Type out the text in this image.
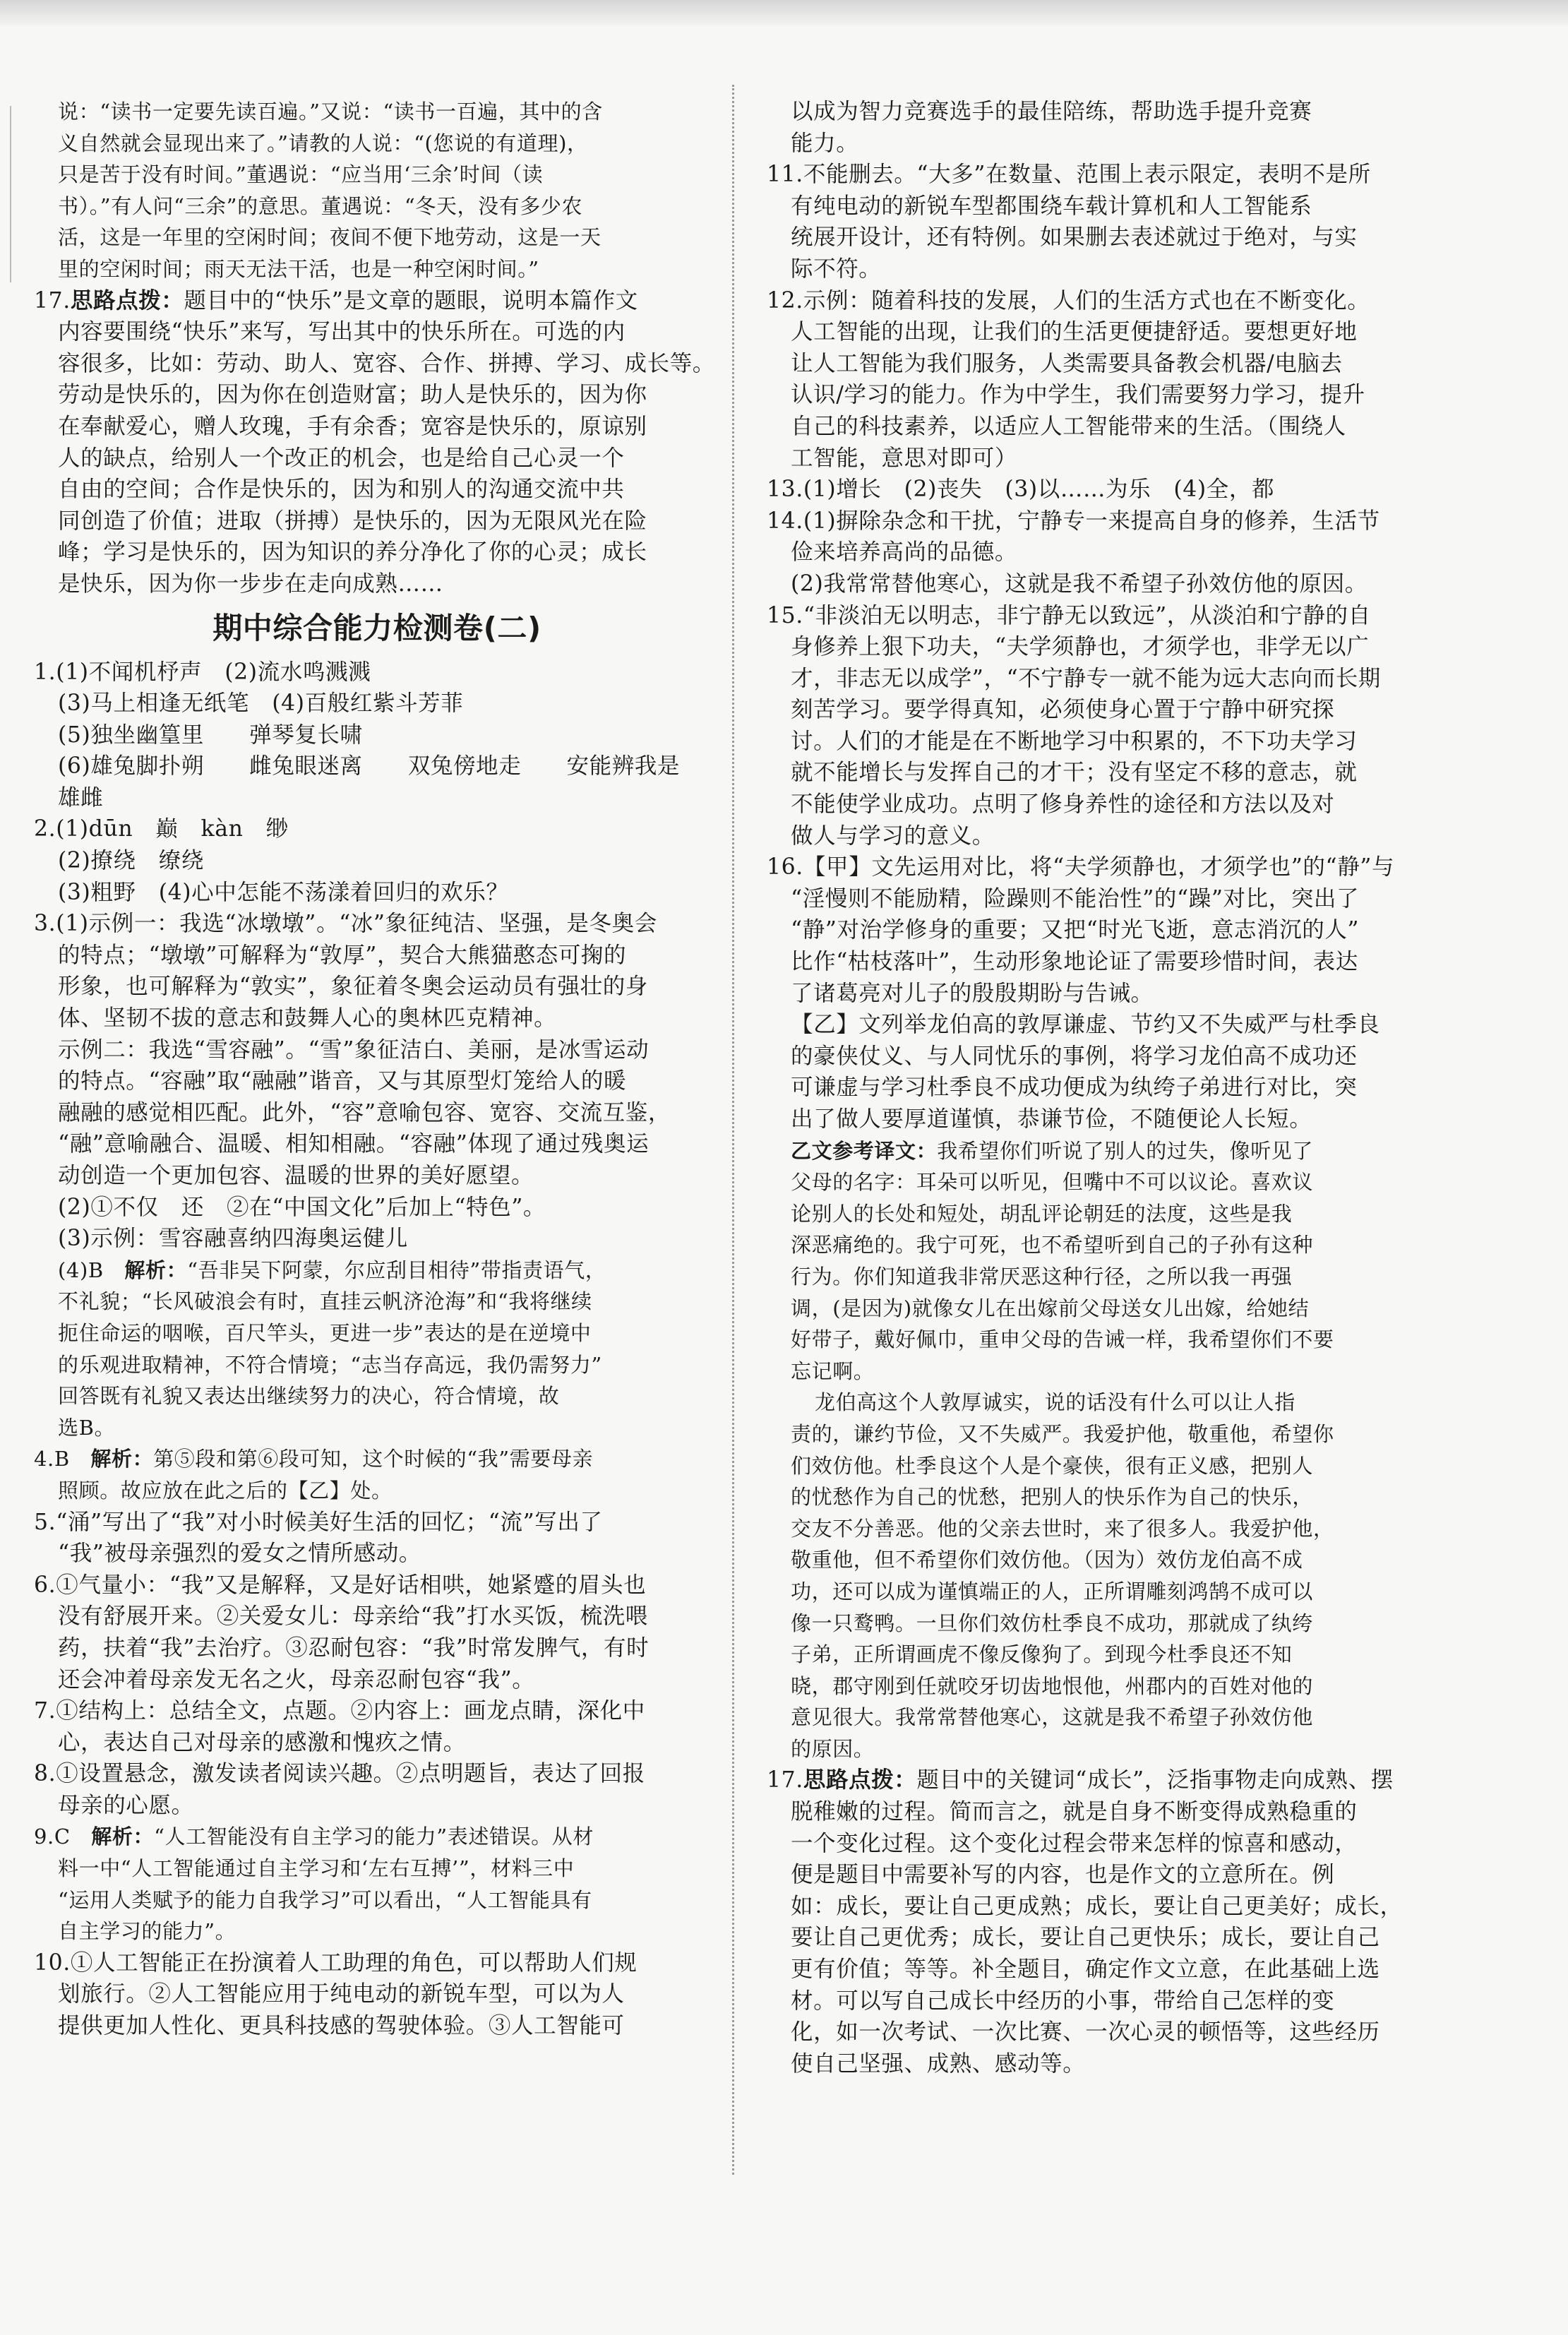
说：“读书一定要先读百遍。”又说：“读书一百遍，其中的含

义自然就会显现出来了。”请教的人说：“(您说的有道理)，

只是苦于没有时间。”董遇说：“应当用‘三余’时间（读

书）。”有人问“三余”的意思。董遇说：“冬天，没有多少农

活，这是一年里的空闲时间；夜间不便下地劳动，这是一天

里的空闲时间；雨天无法干活，也是一种空闲时间。”

17.思路点拨：题目中的“快乐”是文章的题眼，说明本篇作文

内容要围绕“快乐”来写，写出其中的快乐所在。可选的内

容很多，比如：劳动、助人、宽容、合作、拼搏、学习、成长等。

劳动是快乐的，因为你在创造财富；助人是快乐的，因为你

在奉献爱心，赠人玫瑰，手有余香；宽容是快乐的，原谅别

人的缺点，给别人一个改正的机会，也是给自己心灵一个

自由的空间；合作是快乐的，因为和别人的沟通交流中共

同创造了价值；进取（拼搏）是快乐的，因为无限风光在险

峰；学习是快乐的，因为知识的养分净化了你的心灵；成长

是快乐，因为你一步步在走向成熟……

期中综合能力检测卷(二)

1.(1)不闻机杼声　(2)流水鸣溅溅

(3)马上相逢无纸笔　(4)百般红紫斗芳菲

(5)独坐幽篁里　　弹琴复长啸

(6)雄兔脚扑朔　　雌兔眼迷离　　双兔傍地走　　安能辨我是

雄雌

2.(1)dūn　巅　kàn　缈

(2)撩绕　缭绕

(3)粗野　(4)心中怎能不荡漾着回归的欢乐？

3.(1)示例一：我选“冰墩墩”。“冰”象征纯洁、坚强，是冬奥会

的特点；“墩墩”可解释为“敦厚”，契合大熊猫憨态可掬的

形象，也可解释为“敦实”，象征着冬奥会运动员有强壮的身

体、坚韧不拔的意志和鼓舞人心的奥林匹克精神。

示例二：我选“雪容融”。“雪”象征洁白、美丽，是冰雪运动

的特点。“容融”取“融融”谐音，又与其原型灯笼给人的暖

融融的感觉相匹配。此外，“容”意喻包容、宽容、交流互鉴，

“融”意喻融合、温暖、相知相融。“容融”体现了通过残奥运

动创造一个更加包容、温暖的世界的美好愿望。

(2)①不仅　还　②在“中国文化”后加上“特色”。

(3)示例：雪容融喜纳四海奥运健儿

(4)B　解析：“吾非吴下阿蒙，尔应刮目相待”带指责语气，

不礼貌；“长风破浪会有时，直挂云帆济沧海”和“我将继续

扼住命运的咽喉，百尺竿头，更进一步”表达的是在逆境中

的乐观进取精神，不符合情境；“志当存高远，我仍需努力”

回答既有礼貌又表达出继续努力的决心，符合情境，故

选B。

4.B　解析：第⑤段和第⑥段可知，这个时候的“我”需要母亲

照顾。故应放在此之后的【乙】处。

5.“涌”写出了“我”对小时候美好生活的回忆；“流”写出了

“我”被母亲强烈的爱女之情所感动。

6.①气量小：“我”又是解释，又是好话相哄，她紧蹙的眉头也

没有舒展开来。②关爱女儿：母亲给“我”打水买饭，梳洗喂

药，扶着“我”去治疗。③忍耐包容：“我”时常发脾气，有时

还会冲着母亲发无名之火，母亲忍耐包容“我”。

7.①结构上：总结全文，点题。②内容上：画龙点睛，深化中

心，表达自己对母亲的感激和愧疚之情。

8.①设置悬念，激发读者阅读兴趣。②点明题旨，表达了回报

母亲的心愿。

9.C　解析：“人工智能没有自主学习的能力”表述错误。从材

料一中“人工智能通过自主学习和‘左右互搏’”，材料三中

“运用人类赋予的能力自我学习”可以看出，“人工智能具有

自主学习的能力”。

10.①人工智能正在扮演着人工助理的角色，可以帮助人们规

划旅行。②人工智能应用于纯电动的新锐车型，可以为人

提供更加人性化、更具科技感的驾驶体验。③人工智能可

以成为智力竞赛选手的最佳陪练，帮助选手提升竞赛

能力。

11.不能删去。“大多”在数量、范围上表示限定，表明不是所

有纯电动的新锐车型都围绕车载计算机和人工智能系

统展开设计，还有特例。如果删去表述就过于绝对，与实

际不符。

12.示例：随着科技的发展，人们的生活方式也在不断变化。

人工智能的出现，让我们的生活更便捷舒适。要想更好地

让人工智能为我们服务，人类需要具备教会机器/电脑去

认识/学习的能力。作为中学生，我们需要努力学习，提升

自己的科技素养，以适应人工智能带来的生活。（围绕人

工智能，意思对即可）

13.(1)增长　(2)丧失　(3)以……为乐　(4)全，都

14.(1)摒除杂念和干扰，宁静专一来提高自身的修养，生活节

俭来培养高尚的品德。

(2)我常常替他寒心，这就是我不希望子孙效仿他的原因。

15.“非淡泊无以明志，非宁静无以致远”，从淡泊和宁静的自

身修养上狠下功夫，“夫学须静也，才须学也，非学无以广

才，非志无以成学”，“不宁静专一就不能为远大志向而长期

刻苦学习。要学得真知，必须使身心置于宁静中研究探

讨。人们的才能是在不断地学习中积累的，不下功夫学习

就不能增长与发挥自己的才干；没有坚定不移的意志，就

不能使学业成功。点明了修身养性的途径和方法以及对

做人与学习的意义。

16.【甲】文先运用对比，将“夫学须静也，才须学也”的“静”与

“淫慢则不能励精，险躁则不能治性”的“躁”对比，突出了

“静”对治学修身的重要；又把“时光飞逝，意志消沉的人”

比作“枯枝落叶”，生动形象地论证了需要珍惜时间，表达

了诸葛亮对儿子的殷殷期盼与告诫。

【乙】文列举龙伯高的敦厚谦虚、节约又不失威严与杜季良

的豪侠仗义、与人同忧乐的事例，将学习龙伯高不成功还

可谦虚与学习杜季良不成功便成为纨绔子弟进行对比，突

出了做人要厚道谨慎，恭谦节俭，不随便论人长短。

乙文参考译文：我希望你们听说了别人的过失，像听见了

父母的名字：耳朵可以听见，但嘴中不可以议论。喜欢议

论别人的长处和短处，胡乱评论朝廷的法度，这些是我

深恶痛绝的。我宁可死，也不希望听到自己的子孙有这种

行为。你们知道我非常厌恶这种行径，之所以我一再强

调，(是因为)就像女儿在出嫁前父母送女儿出嫁，给她结

好带子，戴好佩巾，重申父母的告诫一样，我希望你们不要

忘记啊。

龙伯高这个人敦厚诚实，说的话没有什么可以让人指

责的，谦约节俭，又不失威严。我爱护他，敬重他，希望你

们效仿他。杜季良这个人是个豪侠，很有正义感，把别人

的忧愁作为自己的忧愁，把别人的快乐作为自己的快乐，

交友不分善恶。他的父亲去世时，来了很多人。我爱护他，

敬重他，但不希望你们效仿他。（因为）效仿龙伯高不成

功，还可以成为谨慎端正的人，正所谓雕刻鸿鹄不成可以

像一只鹜鸭。一旦你们效仿杜季良不成功，那就成了纨绔

子弟，正所谓画虎不像反像狗了。到现今杜季良还不知

晓，郡守刚到任就咬牙切齿地恨他，州郡内的百姓对他的

意见很大。我常常替他寒心，这就是我不希望子孙效仿他

的原因。

17.思路点拨：题目中的关键词“成长”，泛指事物走向成熟、摆

脱稚嫩的过程。简而言之，就是自身不断变得成熟稳重的

一个变化过程。这个变化过程会带来怎样的惊喜和感动，

便是题目中需要补写的内容，也是作文的立意所在。例

如：成长，要让自己更成熟；成长，要让自己更美好；成长，

要让自己更优秀；成长，要让自己更快乐；成长，要让自己

更有价值；等等。补全题目，确定作文立意，在此基础上选

材。可以写自己成长中经历的小事，带给自己怎样的变

化，如一次考试、一次比赛、一次心灵的顿悟等，这些经历

使自己坚强、成熟、感动等。
